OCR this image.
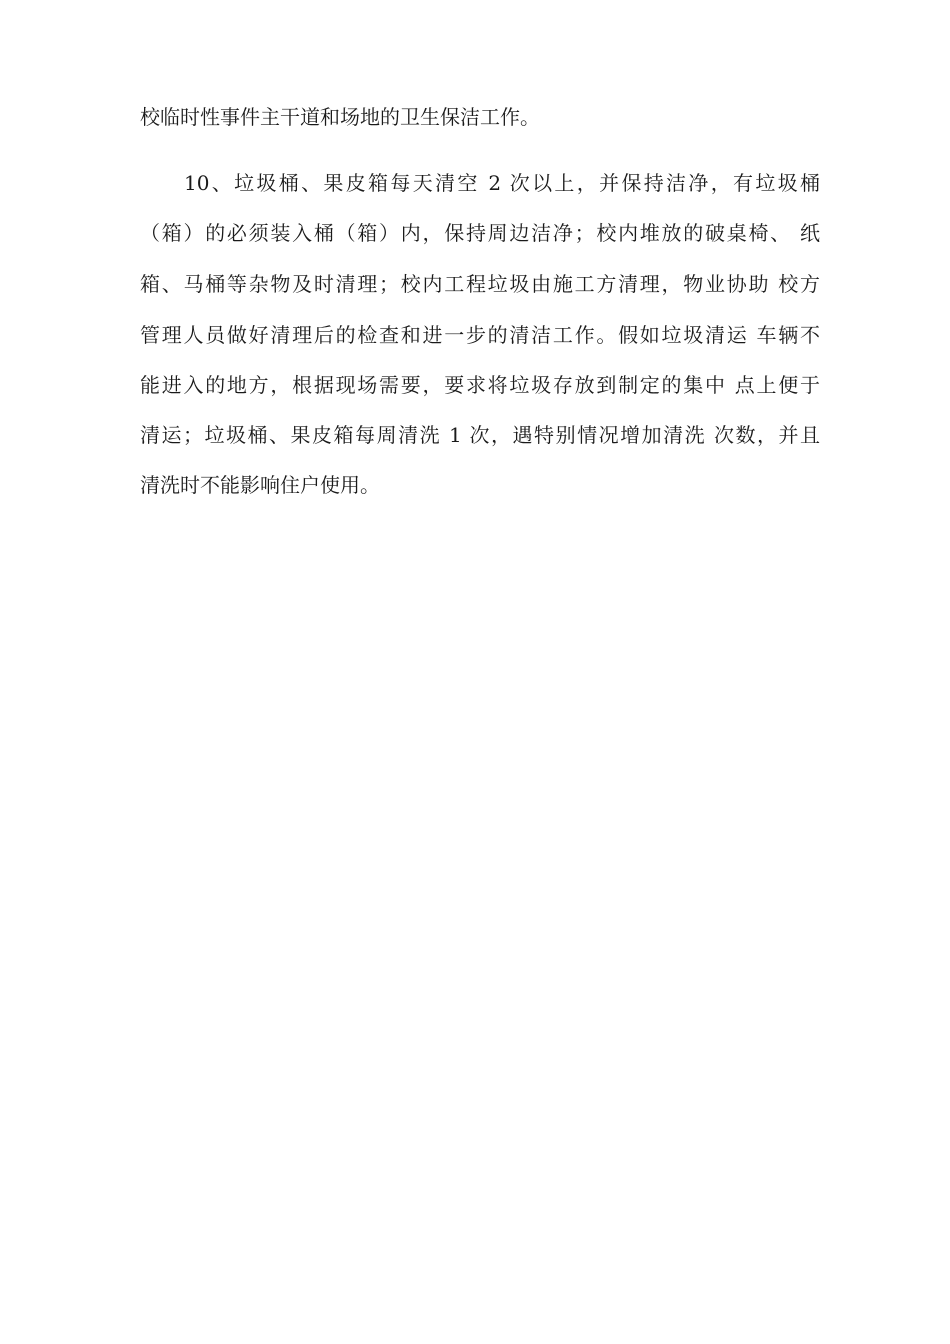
校临时性事件主干道和场地的卫生保洁工作。
10、垃圾桶、果皮箱每天清空 2 次以上，并保持洁净，有垃圾桶
（箱）的必须装入桶（箱）内，保持周边洁净；校内堆放的破桌椅、 纸
箱、马桶等杂物及时清理；校内工程垃圾由施工方清理，物业协助 校方
管理人员做好清理后的检查和进一步的清洁工作。假如垃圾清运 车辆不
能进入的地方，根据现场需要，要求将垃圾存放到制定的集中 点上便于
清运；垃圾桶、果皮箱每周清洗 1 次，遇特别情况增加清洗 次数，并且
清洗时不能影响住户使用。
